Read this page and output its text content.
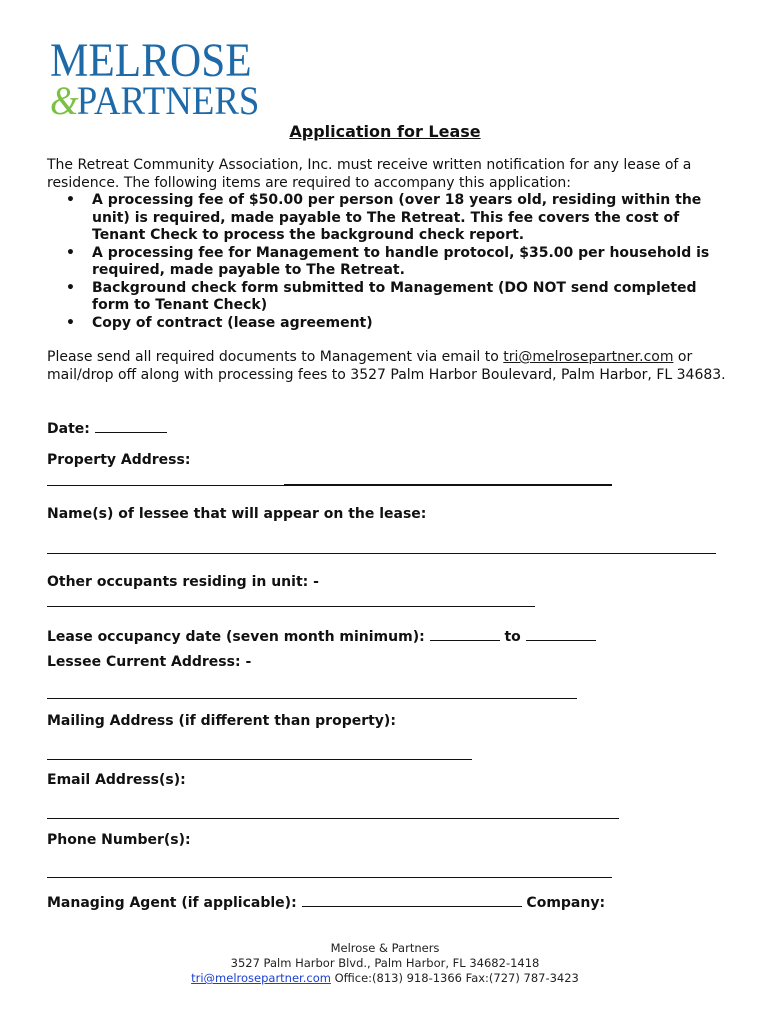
MELROSE
&PARTNERS
Application for Lease

The Retreat Community Association, Inc. must receive written notification for any lease of a residence. The following items are required to accompany this application:

• A processing fee of $50.00 per person (over 18 years old, residing within the unit) is required, made payable to The Retreat. This fee covers the cost of Tenant Check to process the background check report.
• A processing fee for Management to handle protocol, $35.00 per household is required, made payable to The Retreat.
• Background check form submitted to Management (DO NOT send completed form to Tenant Check)
• Copy of contract (lease agreement)

Please send all required documents to Management via email to tri@melrosepartner.com or mail/drop off along with processing fees to 3527 Palm Harbor Boulevard, Palm Harbor, FL 34683.

Date:
Property Address:
Name(s) of lessee that will appear on the lease:
Other occupants residing in unit: -
Lease occupancy date (seven month minimum):	to
Lessee Current Address: -
Mailing Address (if different than property):
Email Address(s):
Phone Number(s):
Managing Agent (if applicable):	Company:
Melrose & Partners
3527 Palm Harbor Blvd., Palm Harbor, FL 34682-1418
tri@melrosepartner.com Office:(813) 918-1366 Fax:(727) 787-3423
